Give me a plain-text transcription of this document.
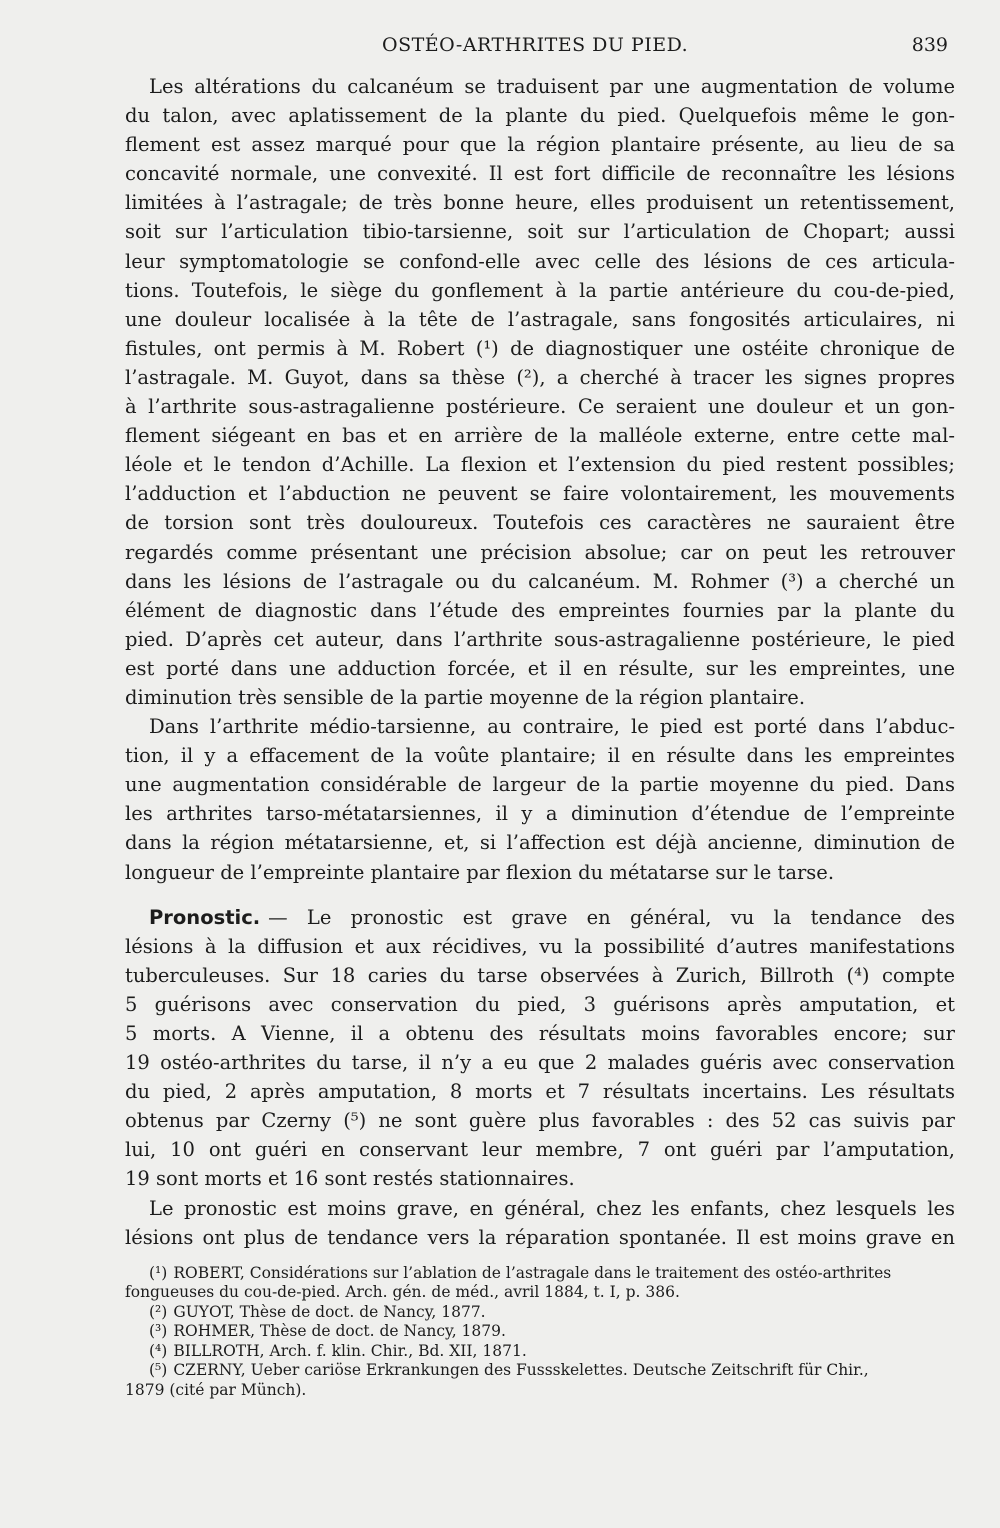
OSTÉO-ARTHRITES DU PIED.	839

Les altérations du calcanéum se traduisent par une augmentation de volume

du talon, avec aplatissement de la plante du pied. Quelquefois même le gon-

flement est assez marqué pour que la région plantaire présente, au lieu de sa

concavité normale, une convexité. Il est fort difficile de reconnaître les lésions

limitées à l’astragale; de très bonne heure, elles produisent un retentissement,

soit sur l’articulation tibio-tarsienne, soit sur l’articulation de Chopart; aussi

leur symptomatologie se confond-elle avec celle des lésions de ces articula-

tions. Toutefois, le siège du gonflement à la partie antérieure du cou-de-pied,

une douleur localisée à la tête de l’astragale, sans fongosités articulaires, ni

fistules, ont permis à M. Robert (¹) de diagnostiquer une ostéite chronique de

l’astragale. M. Guyot, dans sa thèse (²), a cherché à tracer les signes propres

à l’arthrite sous-astragalienne postérieure. Ce seraient une douleur et un gon-

flement siégeant en bas et en arrière de la malléole externe, entre cette mal-

léole et le tendon d’Achille. La flexion et l’extension du pied restent possibles;

l’adduction et l’abduction ne peuvent se faire volontairement, les mouvements

de torsion sont très douloureux. Toutefois ces caractères ne sauraient être

regardés comme présentant une précision absolue; car on peut les retrouver

dans les lésions de l’astragale ou du calcanéum. M. Rohmer (³) a cherché un

élément de diagnostic dans l’étude des empreintes fournies par la plante du

pied. D’après cet auteur, dans l’arthrite sous-astragalienne postérieure, le pied

est porté dans une adduction forcée, et il en résulte, sur les empreintes, une

diminution très sensible de la partie moyenne de la région plantaire.

Dans l’arthrite médio-tarsienne, au contraire, le pied est porté dans l’abduc-

tion, il y a effacement de la voûte plantaire; il en résulte dans les empreintes

une augmentation considérable de largeur de la partie moyenne du pied. Dans

les arthrites tarso-métatarsiennes, il y a diminution d’étendue de l’empreinte

dans la région métatarsienne, et, si l’affection est déjà ancienne, diminution de

longueur de l’empreinte plantaire par flexion du métatarse sur le tarse.

Pronostic. — Le pronostic est grave en général, vu la tendance des

lésions à la diffusion et aux récidives, vu la possibilité d’autres manifestations

tuberculeuses. Sur 18 caries du tarse observées à Zurich, Billroth (⁴) compte

5 guérisons avec conservation du pied, 3 guérisons après amputation, et

5 morts. A Vienne, il a obtenu des résultats moins favorables encore; sur

19 ostéo-arthrites du tarse, il n’y a eu que 2 malades guéris avec conservation

du pied, 2 après amputation, 8 morts et 7 résultats incertains. Les résultats

obtenus par Czerny (⁵) ne sont guère plus favorables : des 52 cas suivis par

lui, 10 ont guéri en conservant leur membre, 7 ont guéri par l’amputation,

19 sont morts et 16 sont restés stationnaires.

Le pronostic est moins grave, en général, chez les enfants, chez lesquels les

lésions ont plus de tendance vers la réparation spontanée. Il est moins grave en

(¹) ROBERT, Considérations sur l’ablation de l’astragale dans le traitement des ostéo-arthrites

fongueuses du cou-de-pied. Arch. gén. de méd., avril 1884, t. I, p. 386.

(²) GUYOT, Thèse de doct. de Nancy, 1877.

(³) ROHMER, Thèse de doct. de Nancy, 1879.

(⁴) BILLROTH, Arch. f. klin. Chir., Bd. XII, 1871.

(⁵) CZERNY, Ueber cariöse Erkrankungen des Fussskelettes. Deutsche Zeitschrift für Chir.,

1879 (cité par Münch).
